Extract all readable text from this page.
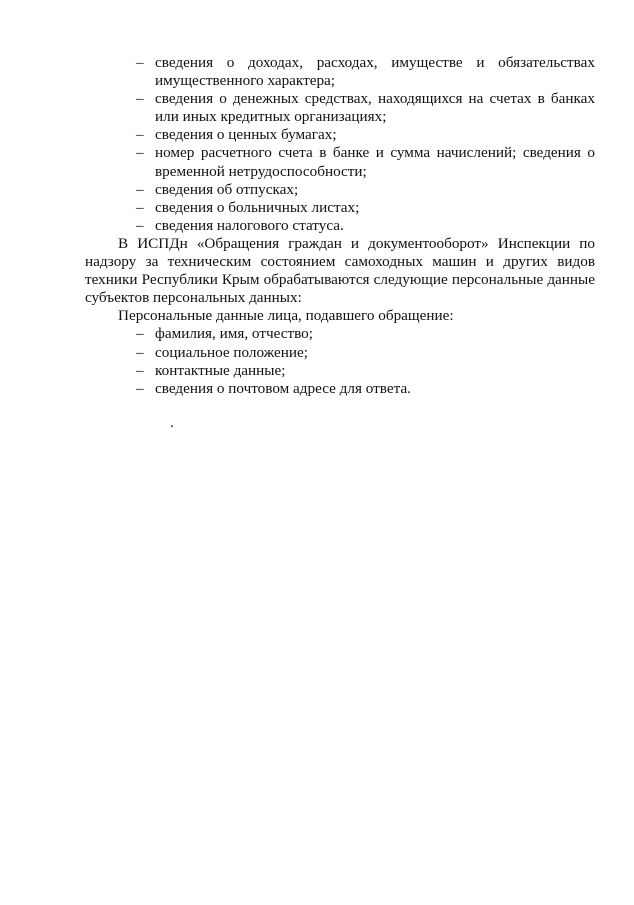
– сведения о доходах, расходах, имуществе и обязательствах имущественного характера;
– сведения о денежных средствах, находящихся на счетах в банках или иных кредитных организациях;
– сведения о ценных бумагах;
– номер расчетного счета в банке и сумма начислений; сведения о временной нетрудоспособности;
– сведения об отпусках;
– сведения о больничных листах;
– сведения налогового статуса.

В ИСПДн «Обращения граждан и документооборот» Инспекции по надзору за техническим состоянием самоходных машин и других видов техники Республики Крым обрабатываются следующие персональные данные субъектов персональных данных:

Персональные данные лица, подавшего обращение:

– фамилия, имя, отчество;
– социальное положение;
– контактные данные;
– сведения о почтовом адресе для ответа.
.
